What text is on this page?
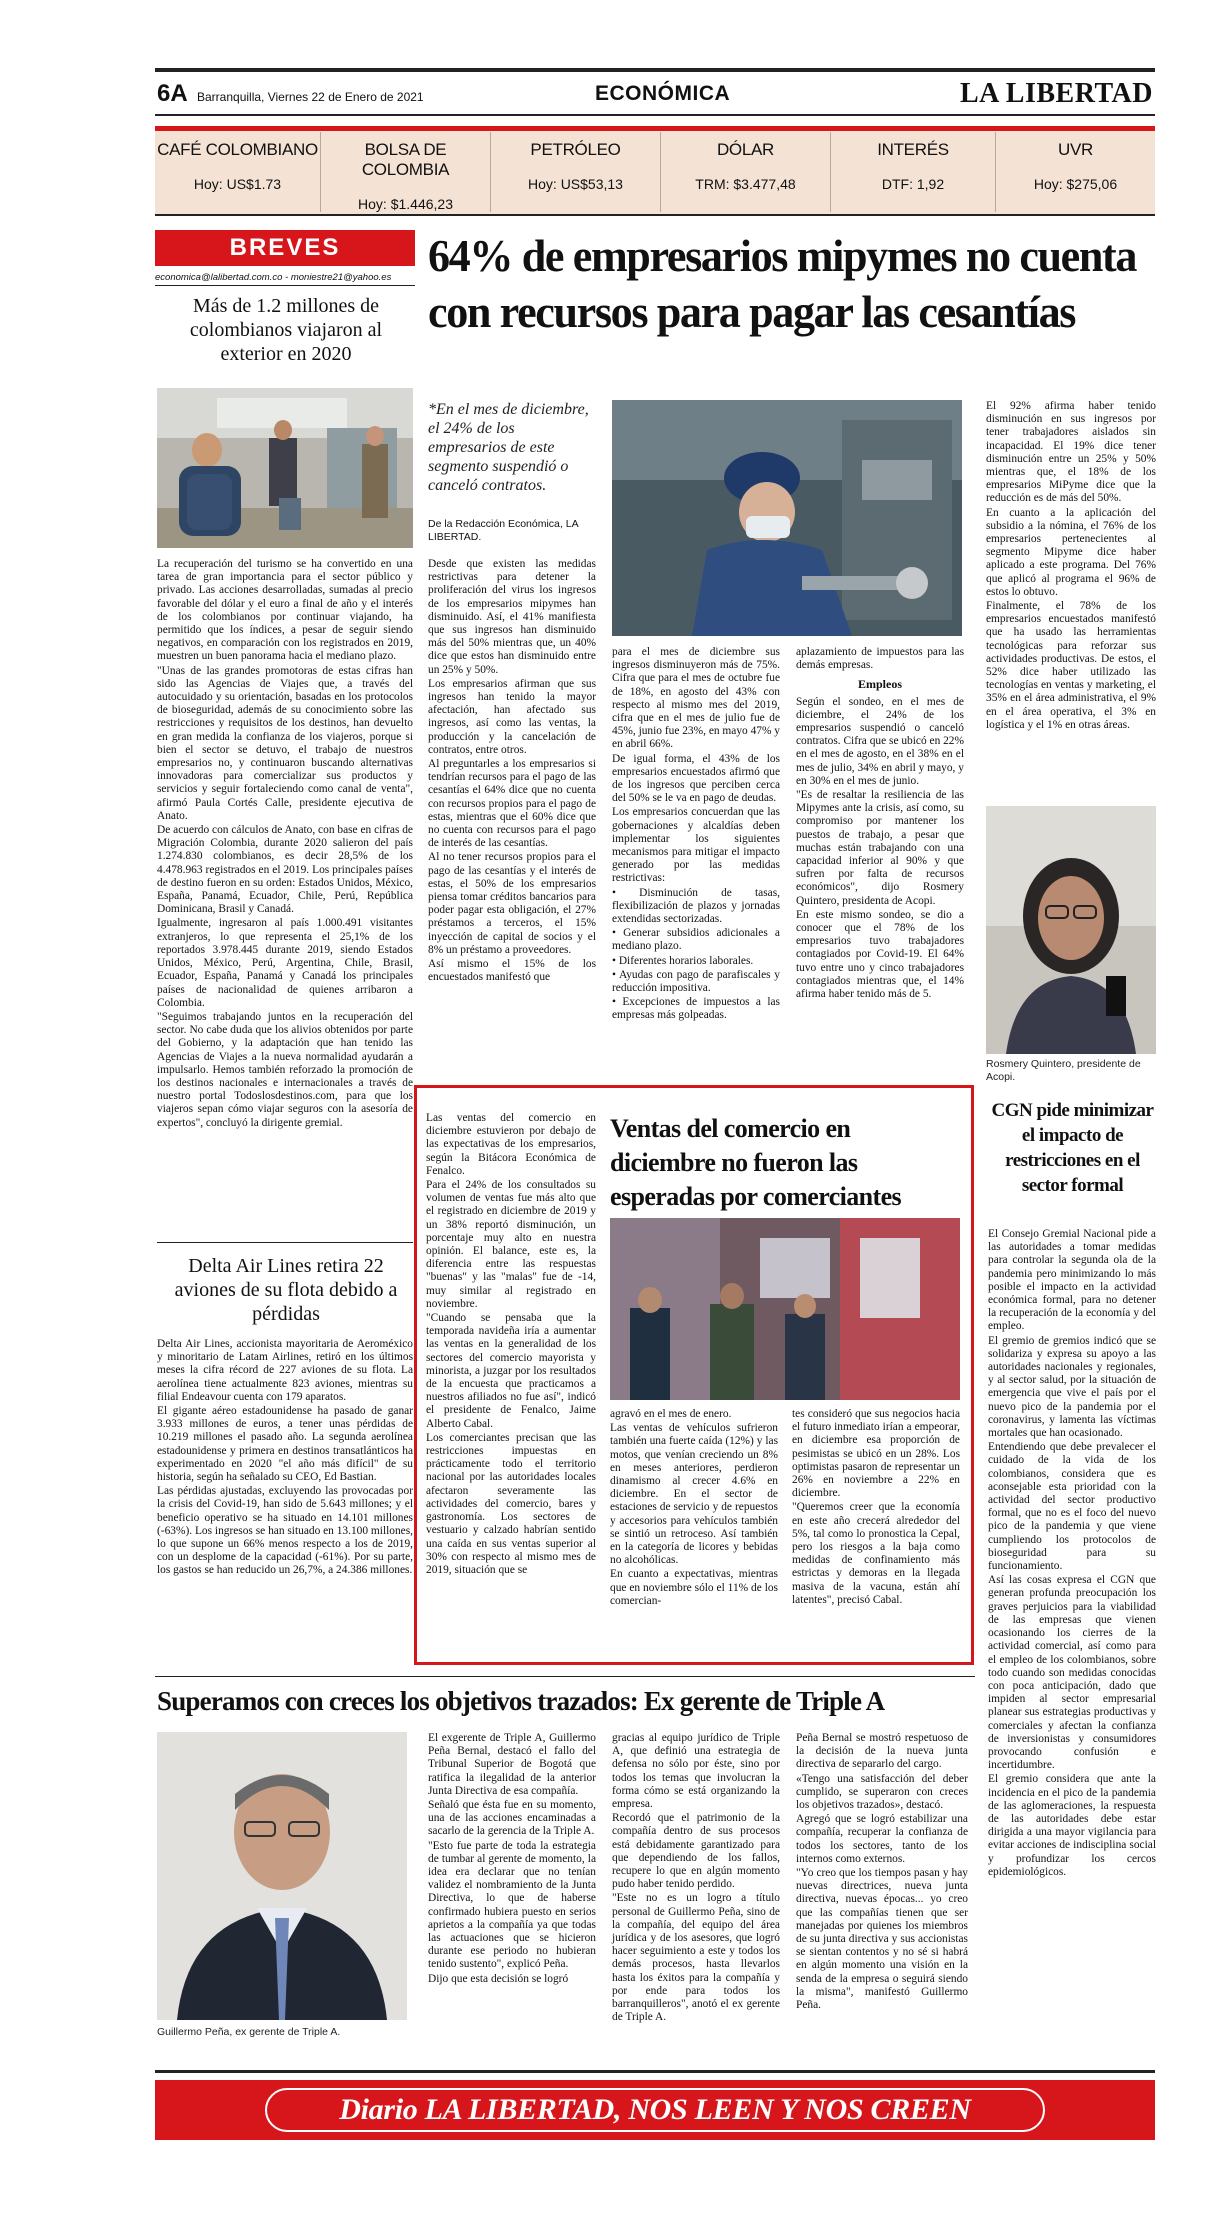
6A Barranquilla, Viernes 22 de Enero de 2021	ECONÓMICA	LA LIBERTAD
CAFÉ COLOMBIANO
Hoy: US$1.73
BOLSA DE COLOMBIA
Hoy: $1.446,23
PETRÓLEO
Hoy: US$53,13
DÓLAR
TRM: $3.477,48
INTERÉS
DTF: 1,92
UVR
Hoy: $275,06
BREVES
economica@lalibertad.com.co - moniestre21@yahoo.es
Más de 1.2 millones de colombianos viajaron al exterior en 2020

La recuperación del turismo se ha convertido en una tarea de gran importancia para el sector público y privado. Las acciones desarrolladas, sumadas al precio favorable del dólar y el euro a final de año y el interés de los colombianos por continuar viajando, ha permitido que los índices, a pesar de seguir siendo negativos, en comparación con los registrados en 2019, muestren un buen panorama hacia el mediano plazo.

"Unas de las grandes promotoras de estas cifras han sido las Agencias de Viajes que, a través del autocuidado y su orientación, basadas en los protocolos de bioseguridad, además de su conocimiento sobre las restricciones y requisitos de los destinos, han devuelto en gran medida la confianza de los viajeros, porque si bien el sector se detuvo, el trabajo de nuestros empresarios no, y continuaron buscando alternativas innovadoras para comercializar sus productos y servicios y seguir fortaleciendo como canal de venta", afirmó Paula Cortés Calle, presidente ejecutiva de Anato.

De acuerdo con cálculos de Anato, con base en cifras de Migración Colombia, durante 2020 salieron del país 1.274.830 colombianos, es decir 28,5% de los 4.478.963 registrados en el 2019. Los principales países de destino fueron en su orden: Estados Unidos, México, España, Panamá, Ecuador, Chile, Perú, República Dominicana, Brasil y Canadá.

Igualmente, ingresaron al país 1.000.491 visitantes extranjeros, lo que representa el 25,1% de los reportados 3.978.445 durante 2019, siendo Estados Unidos, México, Perú, Argentina, Chile, Brasil, Ecuador, España, Panamá y Canadá los principales países de nacionalidad de quienes arribaron a Colombia.

"Seguimos trabajando juntos en la recuperación del sector. No cabe duda que los alivios obtenidos por parte del Gobierno, y la adaptación que han tenido las Agencias de Viajes a la nueva normalidad ayudarán a impulsarlo. Hemos también reforzado la promoción de los destinos nacionales e internacionales a través de nuestro portal Todoslosdestinos.com, para que los viajeros sepan cómo viajar seguros con la asesoría de expertos", concluyó la dirigente gremial.

Delta Air Lines retira 22 aviones de su flota debido a pérdidas

Delta Air Lines, accionista mayoritaria de Aeroméxico y minoritario de Latam Airlines, retiró en los últimos meses la cifra récord de 227 aviones de su flota. La aerolínea tiene actualmente 823 aviones, mientras su filial Endeavour cuenta con 179 aparatos.

El gigante aéreo estadounidense ha pasado de ganar 3.933 millones de euros, a tener unas pérdidas de 10.219 millones el pasado año. La segunda aerolínea estadounidense y primera en destinos transatlánticos ha experimentado en 2020 "el año más difícil" de su historia, según ha señalado su CEO, Ed Bastian.

Las pérdidas ajustadas, excluyendo las provocadas por la crisis del Covid-19, han sido de 5.643 millones; y el beneficio operativo se ha situado en 14.101 millones (-63%). Los ingresos se han situado en 13.100 millones, lo que supone un 66% menos respecto a los de 2019, con un desplome de la capacidad (-61%). Por su parte, los gastos se han reducido un 26,7%, a 24.386 millones.

64% de empresarios mipymes no cuenta con recursos para pagar las cesantías
*En el mes de diciembre, el 24% de los empresarios de este segmento suspendió o canceló contratos.
De la Redacción Económica, LA LIBERTAD.

Desde que existen las medidas restrictivas para detener la proliferación del virus los ingresos de los empresarios mipymes han disminuido. Así, el 41% manifiesta que sus ingresos han disminuido más del 50% mientras que, un 40% dice que estos han disminuido entre un 25% y 50%.

Los empresarios afirman que sus ingresos han tenido la mayor afectación, han afectado sus ingresos, así como las ventas, la producción y la cancelación de contratos, entre otros.

Al preguntarles a los empresarios si tendrían recursos para el pago de las cesantías el 64% dice que no cuenta con recursos propios para el pago de estas, mientras que el 60% dice que no cuenta con recursos para el pago de interés de las cesantías.

Al no tener recursos propios para el pago de las cesantías y el interés de estas, el 50% de los empresarios piensa tomar créditos bancarios para poder pagar esta obligación, el 27% préstamos a terceros, el 15% inyección de capital de socios y el 8% un préstamo a proveedores.

Así mismo el 15% de los encuestados manifestó que

para el mes de diciembre sus ingresos disminuyeron más de 75%. Cifra que para el mes de octubre fue de 18%, en agosto del 43% con respecto al mismo mes del 2019, cifra que en el mes de julio fue de 45%, junio fue 23%, en mayo 47% y en abril 66%.

De igual forma, el 43% de los empresarios encuestados afirmó que de los ingresos que perciben cerca del 50% se le va en pago de deudas.

Los empresarios concuerdan que las gobernaciones y alcaldías deben implementar los siguientes mecanismos para mitigar el impacto generado por las medidas restrictivas:

• Disminución de tasas, flexibilización de plazos y jornadas extendidas sectorizadas.

• Generar subsidios adicionales a mediano plazo.

• Diferentes horarios laborales.

• Ayudas con pago de parafiscales y reducción impositiva.

• Excepciones de impuestos a las empresas más golpeadas.

aplazamiento de impuestos para las demás empresas.

Empleos

Según el sondeo, en el mes de diciembre, el 24% de los empresarios suspendió o canceló contratos. Cifra que se ubicó en 22% en el mes de agosto, en el 38% en el mes de julio, 34% en abril y mayo, y en 30% en el mes de junio.

"Es de resaltar la resiliencia de las Mipymes ante la crisis, así como, su compromiso por mantener los puestos de trabajo, a pesar que muchas están trabajando con una capacidad inferior al 90% y que sufren por falta de recursos económicos", dijo Rosmery Quintero, presidenta de Acopi.

En este mismo sondeo, se dio a conocer que el 78% de los empresarios tuvo trabajadores contagiados por Covid-19. El 64% tuvo entre uno y cinco trabajadores contagiados mientras que, el 14% afirma haber tenido más de 5.

El 92% afirma haber tenido disminución en sus ingresos por tener trabajadores aislados sin incapacidad. El 19% dice tener disminución entre un 25% y 50% mientras que, el 18% de los empresarios MiPyme dice que la reducción es de más del 50%.

En cuanto a la aplicación del subsidio a la nómina, el 76% de los empresarios pertenecientes al segmento Mipyme dice haber aplicado a este programa. Del 76% que aplicó al programa el 96% de estos lo obtuvo.

Finalmente, el 78% de los empresarios encuestados manifestó que ha usado las herramientas tecnológicas para reforzar sus actividades productivas. De estos, el 52% dice haber utilizado las tecnologías en ventas y marketing, el 35% en el área administrativa, el 9% en el área operativa, el 3% en logística y el 1% en otras áreas.

Rosmery Quintero, presidente de Acopi.
Ventas del comercio en diciembre no fueron las esperadas por comerciantes

Las ventas del comercio en diciembre estuvieron por debajo de las expectativas de los empresarios, según la Bitácora Económica de Fenalco.

Para el 24% de los consultados su volumen de ventas fue más alto que el registrado en diciembre de 2019 y un 38% reportó disminución, un porcentaje muy alto en nuestra opinión. El balance, este es, la diferencia entre las respuestas "buenas" y las "malas" fue de -14, muy similar al registrado en noviembre.

"Cuando se pensaba que la temporada navideña iría a aumentar las ventas en la generalidad de los sectores del comercio mayorista y minorista, a juzgar por los resultados de la encuesta que practicamos a nuestros afiliados no fue así", indicó el presidente de Fenalco, Jaime Alberto Cabal.

Los comerciantes precisan que las restricciones impuestas en prácticamente todo el territorio nacional por las autoridades locales afectaron severamente las actividades del comercio, bares y gastronomía. Los sectores de vestuario y calzado habrían sentido una caída en sus ventas superior al 30% con respecto al mismo mes de 2019, situación que se

agravó en el mes de enero.

Las ventas de vehículos sufrieron también una fuerte caída (12%) y las motos, que venían creciendo un 8% en meses anteriores, perdieron dinamismo al crecer 4.6% en diciembre. En el sector de estaciones de servicio y de repuestos y accesorios para vehículos también se sintió un retroceso. Así también en la categoría de licores y bebidas no alcohólicas.

En cuanto a expectativas, mientras que en noviembre sólo el 11% de los comercian-

tes consideró que sus negocios hacia el futuro inmediato irían a empeorar, en diciembre esa proporción de pesimistas se ubicó en un 28%. Los optimistas pasaron de representar un 26% en noviembre a 22% en diciembre.

"Queremos creer que la economía en este año crecerá alrededor del 5%, tal como lo pronostica la Cepal, pero los riesgos a la baja como medidas de confinamiento más estrictas y demoras en la llegada masiva de la vacuna, están ahí latentes", precisó Cabal.

CGN pide minimizar el impacto de restricciones en el sector formal

El Consejo Gremial Nacional pide a las autoridades a tomar medidas para controlar la segunda ola de la pandemia pero minimizando lo más posible el impacto en la actividad económica formal, para no detener la recuperación de la economía y del empleo.

El gremio de gremios indicó que se solidariza y expresa su apoyo a las autoridades nacionales y regionales, y al sector salud, por la situación de emergencia que vive el país por el nuevo pico de la pandemia por el coronavirus, y lamenta las víctimas mortales que han ocasionado.

Entendiendo que debe prevalecer el cuidado de la vida de los colombianos, considera que es aconsejable esta prioridad con la actividad del sector productivo formal, que no es el foco del nuevo pico de la pandemia y que viene cumpliendo los protocolos de bioseguridad para su funcionamiento.

Así las cosas expresa el CGN que generan profunda preocupación los graves perjuicios para la viabilidad de las empresas que vienen ocasionando los cierres de la actividad comercial, así como para el empleo de los colombianos, sobre todo cuando son medidas conocidas con poca anticipación, dado que impiden al sector empresarial planear sus estrategias productivas y comerciales y afectan la confianza de inversionistas y consumidores provocando confusión e incertidumbre.

El gremio considera que ante la incidencia en el pico de la pandemia de las aglomeraciones, la respuesta de las autoridades debe estar dirigida a una mayor vigilancia para evitar acciones de indisciplina social y profundizar los cercos epidemiológicos.

Superamos con creces los objetivos trazados: Ex gerente de Triple A
Guillermo Peña, ex gerente de Triple A.

El exgerente de Triple A, Guillermo Peña Bernal, destacó el fallo del Tribunal Superior de Bogotá que ratifica la ilegalidad de la anterior Junta Directiva de esa compañía.

Señaló que ésta fue en su momento, una de las acciones encaminadas a sacarlo de la gerencia de la Triple A.

"Esto fue parte de toda la estrategia de tumbar al gerente de momento, la idea era declarar que no tenían validez el nombramiento de la Junta Directiva, lo que de haberse confirmado hubiera puesto en serios aprietos a la compañía ya que todas las actuaciones que se hicieron durante ese periodo no hubieran tenido sustento", explicó Peña.

Dijo que esta decisión se logró

gracias al equipo jurídico de Triple A, que definió una estrategia de defensa no sólo por éste, sino por todos los temas que involucran la forma cómo se está organizando la empresa.

Recordó que el patrimonio de la compañía dentro de sus procesos está debidamente garantizado para que dependiendo de los fallos, recupere lo que en algún momento pudo haber tenido perdido.

"Este no es un logro a título personal de Guillermo Peña, sino de la compañía, del equipo del área jurídica y de los asesores, que logró hacer seguimiento a este y todos los demás procesos, hasta llevarlos hasta los éxitos para la compañía y por ende para todos los barranquilleros", anotó el ex gerente de Triple A.

Peña Bernal se mostró respetuoso de la decisión de la nueva junta directiva de separarlo del cargo.

«Tengo una satisfacción del deber cumplido, se superaron con creces los objetivos trazados», destacó.

Agregó que se logró estabilizar una compañía, recuperar la confianza de todos los sectores, tanto de los internos como externos.

"Yo creo que los tiempos pasan y hay nuevas directrices, nueva junta directiva, nuevas épocas... yo creo que las compañías tienen que ser manejadas por quienes los miembros de su junta directiva y sus accionistas se sientan contentos y no sé si habrá en algún momento una visión en la senda de la empresa o seguirá siendo la misma", manifestó Guillermo Peña.

Diario LA LIBERTAD, NOS LEEN Y NOS CREEN
